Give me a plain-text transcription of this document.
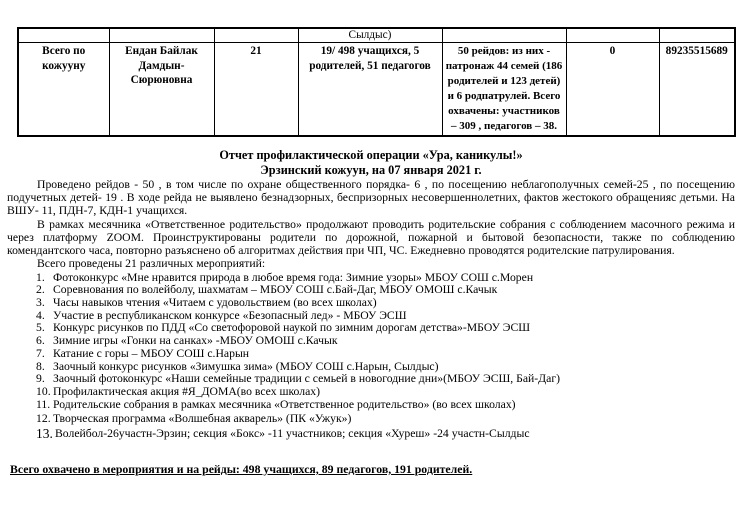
			Сылдыс)			
Всего по кожууну	Ендан Байлак Дамдын-Сюрюновна	21	19/ 498 учащихся, 5 родителей, 51 педагогов	50 рейдов: из них - патронаж 44 семей (186 родителей и 123 детей) и 6 родпатрулей. Всего охвачены: участников – 309 , педагогов – 38.	0	89235515689
Отчет профилактической операции «Ура, каникулы!»
Эрзинский кожуун, на 07 января 2021 г.
Проведено рейдов - 50 , в том числе по охране общественного порядка- 6 , по посещению неблагополучных семей-25 , по посещению подучетных детей- 19 . В ходе рейда не выявлено безнадзорных, беспризорных несовершеннолетних, фактов жестокого обращенияс детьми. На ВШУ- 11, ПДН-7, КДН-1 учащихся.
В рамках месячника «Ответственное родительство» продолжают проводить родительские собрания с соблюдением масочного режима и через платформу ZOOM. Проинструктированы родители по дорожной, пожарной и бытовой безопасности, также по соблюдению комендантского часа, повторно разъяснено об алгоритмах действия при ЧП, ЧС. Ежедневно проводятся родителские патрулирования.
Всего проведены 21 различных мероприятий:
1. Фотоконкурс «Мне нравится природа в любое время года: Зимние узоры» МБОУ СОШ с.Морен
2. Соревнования по волейболу, шахматам – МБОУ СОШ с.Бай-Даг, МБОУ ОМОШ с.Качык
3. Часы навыков чтения «Читаем с удовольствием (во всех школах)
4. Участие в республиканском конкурсе «Безопасный лед» - МБОУ ЭСШ
5. Конкурс рисунков по ПДД «Со светофоровой наукой по зимним дорогам детства»-МБОУ ЭСШ
6. Зимние игры «Гонки на санках» -МБОУ ОМОШ с.Качык
7. Катание с горы – МБОУ СОШ с.Нарын
8. Заочный конкурс рисунков «Зимушка зима» (МБОУ СОШ с.Нарын, Сылдыс)
9. Заочный фотоконкурс «Наши семейные традиции с семьей в новогодние дни»(МБОУ ЭСШ, Бай-Даг)
10. Профилактическая акция #Я_ДОМА(во всех школах)
11. Родительские собрания в рамках месячника «Ответственное родительство» (во всех школах)
12. Творческая программа «Волшебная акварель» (ПК «Ужук»)
13. Волейбол-26участн-Эрзин; секция «Бокс» -11 участников; секция «Хуреш» -24 участн-Сылдыс
Всего охвачено в мероприятия и на рейды: 498 учащихся, 89 педагогов, 191 родителей.
